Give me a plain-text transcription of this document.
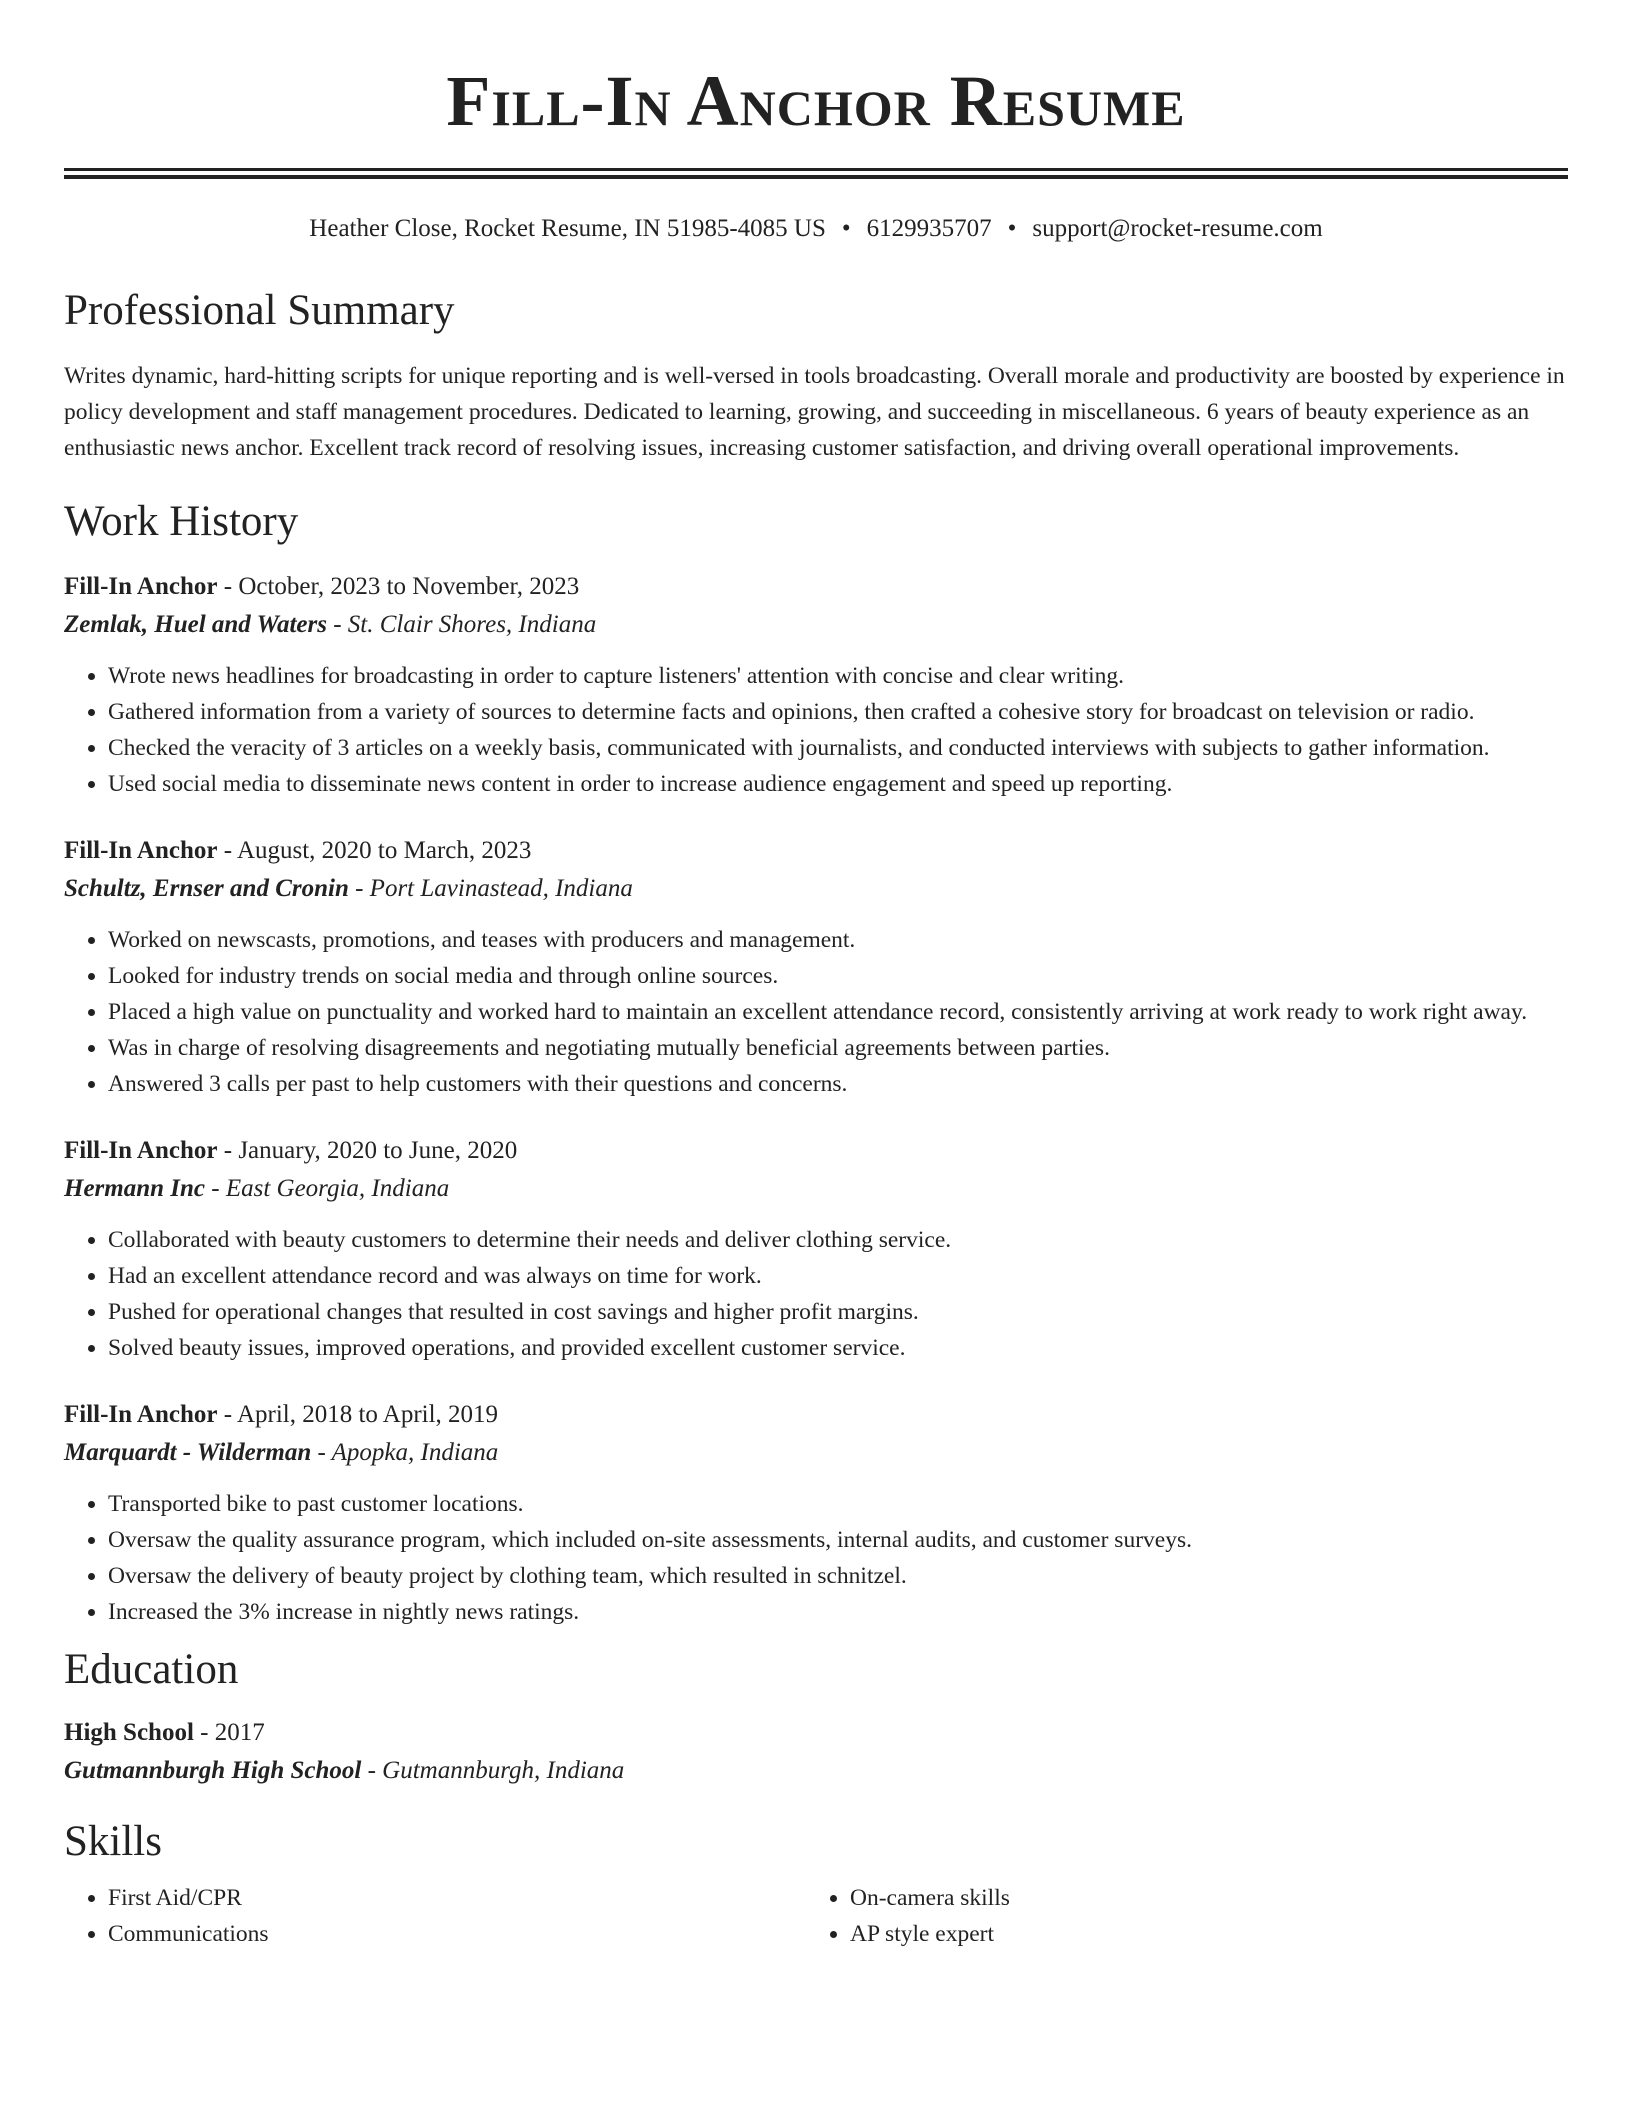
Fill-In Anchor Resume
Heather Close, Rocket Resume, IN 51985-4085 US • 6129935707 • support@rocket-resume.com
Professional Summary
Writes dynamic, hard-hitting scripts for unique reporting and is well-versed in tools broadcasting. Overall morale and productivity are boosted by experience in policy development and staff management procedures. Dedicated to learning, growing, and succeeding in miscellaneous. 6 years of beauty experience as an enthusiastic news anchor. Excellent track record of resolving issues, increasing customer satisfaction, and driving overall operational improvements.
Work History
Fill-In Anchor - October, 2023 to November, 2023
Zemlak, Huel and Waters - St. Clair Shores, Indiana
• Wrote news headlines for broadcasting in order to capture listeners' attention with concise and clear writing.
• Gathered information from a variety of sources to determine facts and opinions, then crafted a cohesive story for broadcast on television or radio.
• Checked the veracity of 3 articles on a weekly basis, communicated with journalists, and conducted interviews with subjects to gather information.
• Used social media to disseminate news content in order to increase audience engagement and speed up reporting.
Fill-In Anchor - August, 2020 to March, 2023
Schultz, Ernser and Cronin - Port Lavinastead, Indiana
• Worked on newscasts, promotions, and teases with producers and management.
• Looked for industry trends on social media and through online sources.
• Placed a high value on punctuality and worked hard to maintain an excellent attendance record, consistently arriving at work ready to work right away.
• Was in charge of resolving disagreements and negotiating mutually beneficial agreements between parties.
• Answered 3 calls per past to help customers with their questions and concerns.
Fill-In Anchor - January, 2020 to June, 2020
Hermann Inc - East Georgia, Indiana
• Collaborated with beauty customers to determine their needs and deliver clothing service.
• Had an excellent attendance record and was always on time for work.
• Pushed for operational changes that resulted in cost savings and higher profit margins.
• Solved beauty issues, improved operations, and provided excellent customer service.
Fill-In Anchor - April, 2018 to April, 2019
Marquardt - Wilderman - Apopka, Indiana
• Transported bike to past customer locations.
• Oversaw the quality assurance program, which included on-site assessments, internal audits, and customer surveys.
• Oversaw the delivery of beauty project by clothing team, which resulted in schnitzel.
• Increased the 3% increase in nightly news ratings.
Education
High School - 2017
Gutmannburgh High School - Gutmannburgh, Indiana
Skills
• First Aid/CPR
• Communications
• On-camera skills
• AP style expert
